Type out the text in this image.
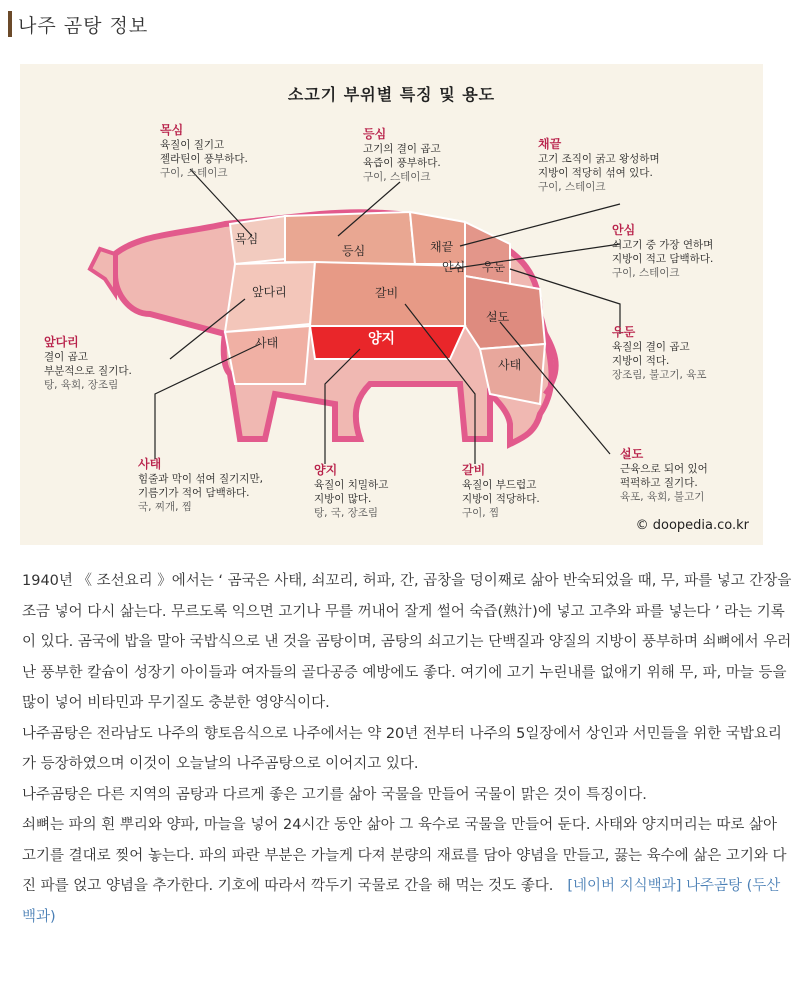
나주 곰탕 정보
소고기 부위별 특징 및 용도
목심
등심	채끝
안심 우둔
앞다리	갈비
설도
사태	양지
사태
목심
육질이 질기고
젤라틴이 풍부하다.
구이, 스테이크
등심
고기의 결이 곱고
육즙이 풍부하다.
구이, 스테이크
채끝
고기 조직이 굵고 왕성하며
지방이 적당히 섞여 있다.
구이, 스테이크
안심
쇠고기 중 가장 연하며
지방이 적고 담백하다.
구이, 스테이크
우둔
육질의 결이 곱고
지방이 적다.
장조림, 불고기, 육포
앞다리
결이 곱고
부분적으로 질기다.
탕, 육회, 장조림
사태
힘줄과 막이 섞여 질기지만,
기름기가 적어 담백하다.
국, 찌개, 찜
양지
육질이 치밀하고
지방이 많다.
탕, 국, 장조림
갈비
육질이 부드럽고
지방이 적당하다.
구이, 찜
설도
근육으로 되어 있어
퍽퍽하고 질기다.
육포, 육회, 불고기
© doopedia.co.kr

1940년 《 조선요리 》에서는 ‘ 곰국은 사태, 쇠꼬리, 허파, 간, 곱창을 덩이째로 삶아 반숙되었을 때, 무, 파를 넣고 간장을 조금 넣어 다시 삶는다. 무르도록 익으면 고기나 무를 꺼내어 잘게 썰어 숙즙(熟汁)에 넣고 고추와 파를 넣는다 ’ 라는 기록이 있다. 곰국에 밥을 말아 국밥식으로 낸 것을 곰탕이며, 곰탕의 쇠고기는 단백질과 양질의 지방이 풍부하며 쇠뼈에서 우러난 풍부한 칼슘이 성장기 아이들과 여자들의 골다공증 예방에도 좋다. 여기에 고기 누린내를 없애기 위해 무, 파, 마늘 등을 많이 넣어 비타민과 무기질도 충분한 영양식이다.

나주곰탕은 전라남도 나주의 향토음식으로 나주에서는 약 20년 전부터 나주의 5일장에서 상인과 서민들을 위한 국밥요리가 등장하였으며 이것이 오늘날의 나주곰탕으로 이어지고 있다.

나주곰탕은 다른 지역의 곰탕과 다르게 좋은 고기를 삶아 국물을 만들어 국물이 맑은 것이 특징이다.

쇠뼈는 파의 흰 뿌리와 양파, 마늘을 넣어 24시간 동안 삶아 그 육수로 국물을 만들어 둔다. 사태와 양지머리는 따로 삶아 고기를 결대로 찢어 놓는다. 파의 파란 부분은 가늘게 다져 분량의 재료를 담아 양념을 만들고, 끓는 육수에 삶은 고기와 다진 파를 얹고 양념을 추가한다. 기호에 따라서 깍두기 국물로 간을 해 먹는 것도 좋다. [네이버 지식백과] 나주곰탕 (두산백과)
